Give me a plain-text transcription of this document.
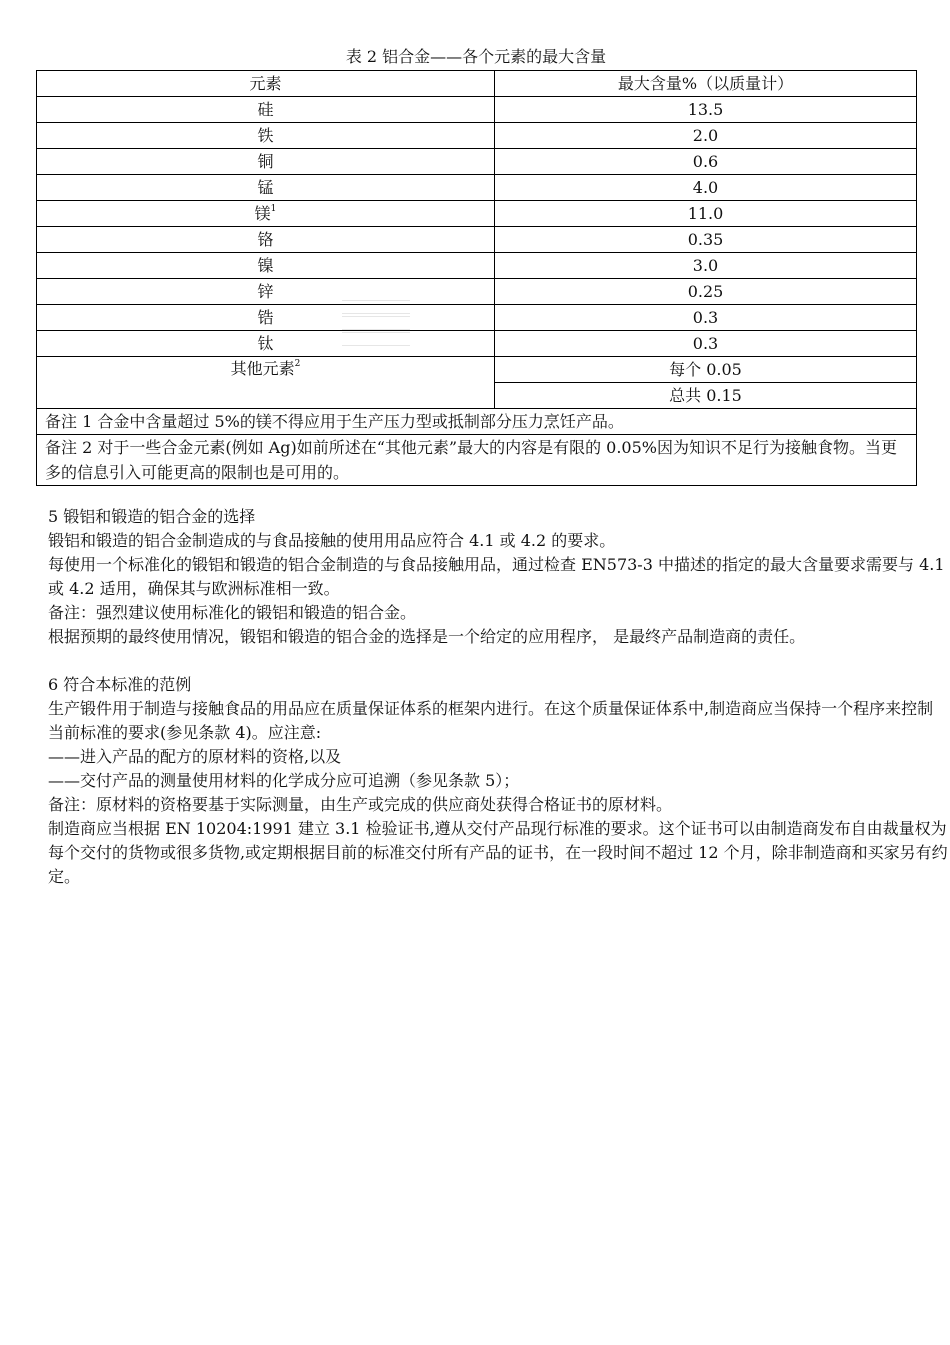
表 2 铝合金——各个元素的最大含量
元素	最大含量%（以质量计）
硅	13.5
铁	2.0
铜	0.6
锰	4.0
镁$^1$	11.0
铬	0.35
镍	3.0
锌	0.25
锆	0.3
钛	0.3
其他元素$^2$	每个 0.05
	总共 0.15
备注 1 合金中含量超过 5%的镁不得应用于生产压力型或抵制部分压力烹饪产品。	
备注 2 对于一些合金元素(例如 Ag)如前所述在“其他元素”最大的内容是有限的 0.05%因为知识不足行为接触食物。当更多的信息引入可能更高的限制也是可用的。	

5 锻铝和锻造的铝合金的选择

锻铝和锻造的铝合金制造成的与食品接触的使用用品应符合 4.1 或 4.2 的要求。

每使用一个标准化的锻铝和锻造的铝合金制造的与食品接触用品，通过检查 EN573-3 中描述的指定的最大含量要求需要与 4.1 或 4.2 适用，确保其与欧洲标准相一致。

备注：强烈建议使用标准化的锻铝和锻造的铝合金。

根据预期的最终使用情况，锻铝和锻造的铝合金的选择是一个给定的应用程序， 是最终产品制造商的责任。

6 符合本标准的范例

生产锻件用于制造与接触食品的用品应在质量保证体系的框架内进行。在这个质量保证体系中,制造商应当保持一个程序来控制当前标准的要求(参见条款 4)。应注意:

——进入产品的配方的原材料的资格,以及

——交付产品的测量使用材料的化学成分应可追溯（参见条款 5）；

备注：原材料的资格要基于实际测量，由生产或完成的供应商处获得合格证书的原材料。

制造商应当根据 EN 10204:1991 建立 3.1 检验证书,遵从交付产品现行标准的要求。这个证书可以由制造商发布自由裁量权为每个交付的货物或很多货物,或定期根据目前的标准交付所有产品的证书，在一段时间不超过 12 个月，除非制造商和买家另有约定。
